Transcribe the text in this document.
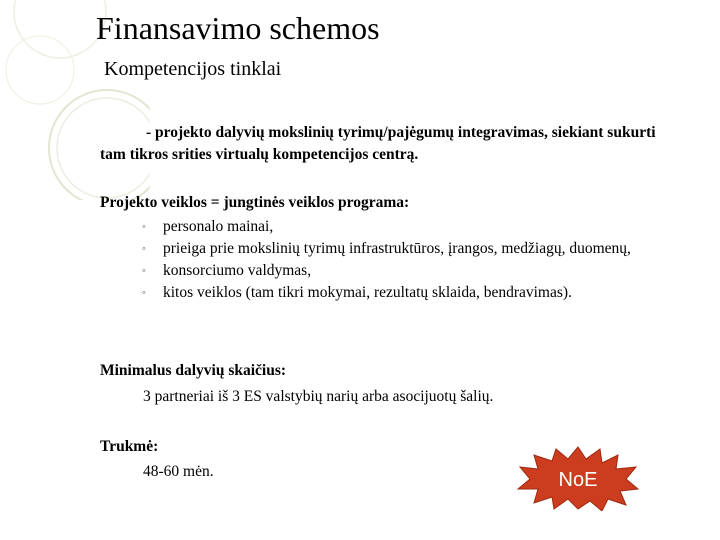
Finansavimo schemos
Kompetencijos tinklai
- projekto dalyvių mokslinių tyrimų/pajėgumų integravimas, siekiant sukurti tam tikros srities virtualų kompetencijos centrą.
Projekto veiklos = jungtinės veiklos programa:
◦ personalo mainai,
◦ prieiga prie mokslinių tyrimų infrastruktūros, įrangos, medžiagų, duomenų,
◦ konsorciumo valdymas,
◦ kitos veiklos (tam tikri mokymai, rezultatų sklaida, bendravimas).
Minimalus dalyvių skaičius:
3 partneriai iš 3 ES valstybių narių arba asocijuotų šalių.
Trukmė:
48-60 mėn.	NoE
